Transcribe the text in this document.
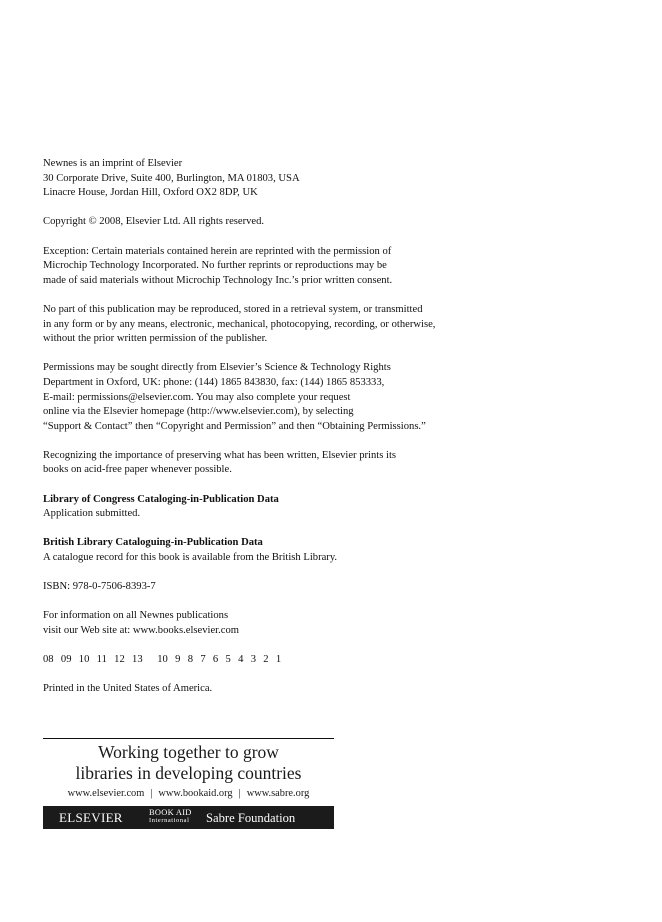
Newnes is an imprint of Elsevier
30 Corporate Drive, Suite 400, Burlington, MA 01803, USA
Linacre House, Jordan Hill, Oxford OX2 8DP, UK

Copyright © 2008, Elsevier Ltd. All rights reserved.

Exception: Certain materials contained herein are reprinted with the permission of
Microchip Technology Incorporated. No further reprints or reproductions may be
made of said materials without Microchip Technology Inc.’s prior written consent.

No part of this publication may be reproduced, stored in a retrieval system, or transmitted
in any form or by any means, electronic, mechanical, photocopying, recording, or otherwise,
without the prior written permission of the publisher.

Permissions may be sought directly from Elsevier’s Science & Technology Rights
Department in Oxford, UK: phone: (144) 1865 843830, fax: (144) 1865 853333,
E-mail: permissions@elsevier.com. You may also complete your request
online via the Elsevier homepage (http://www.elsevier.com), by selecting
“Support & Contact” then “Copyright and Permission” and then “Obtaining Permissions.”

Recognizing the importance of preserving what has been written, Elsevier prints its
books on acid-free paper whenever possible.

Library of Congress Cataloging-in-Publication Data
Application submitted.

British Library Cataloguing-in-Publication Data
A catalogue record for this book is available from the British Library.

ISBN: 978-0-7506-8393-7

For information on all Newnes publications
visit our Web site at: www.books.elsevier.com

08  09  10  11  12  13    10  9  8  7  6  5  4  3  2  1

Printed in the United States of America.

Working together to grow
libraries in developing countries
www.elsevier.com | www.bookaid.org | www.sabre.org
ELSEVIER	BOOK AID
International Sabre Foundation
